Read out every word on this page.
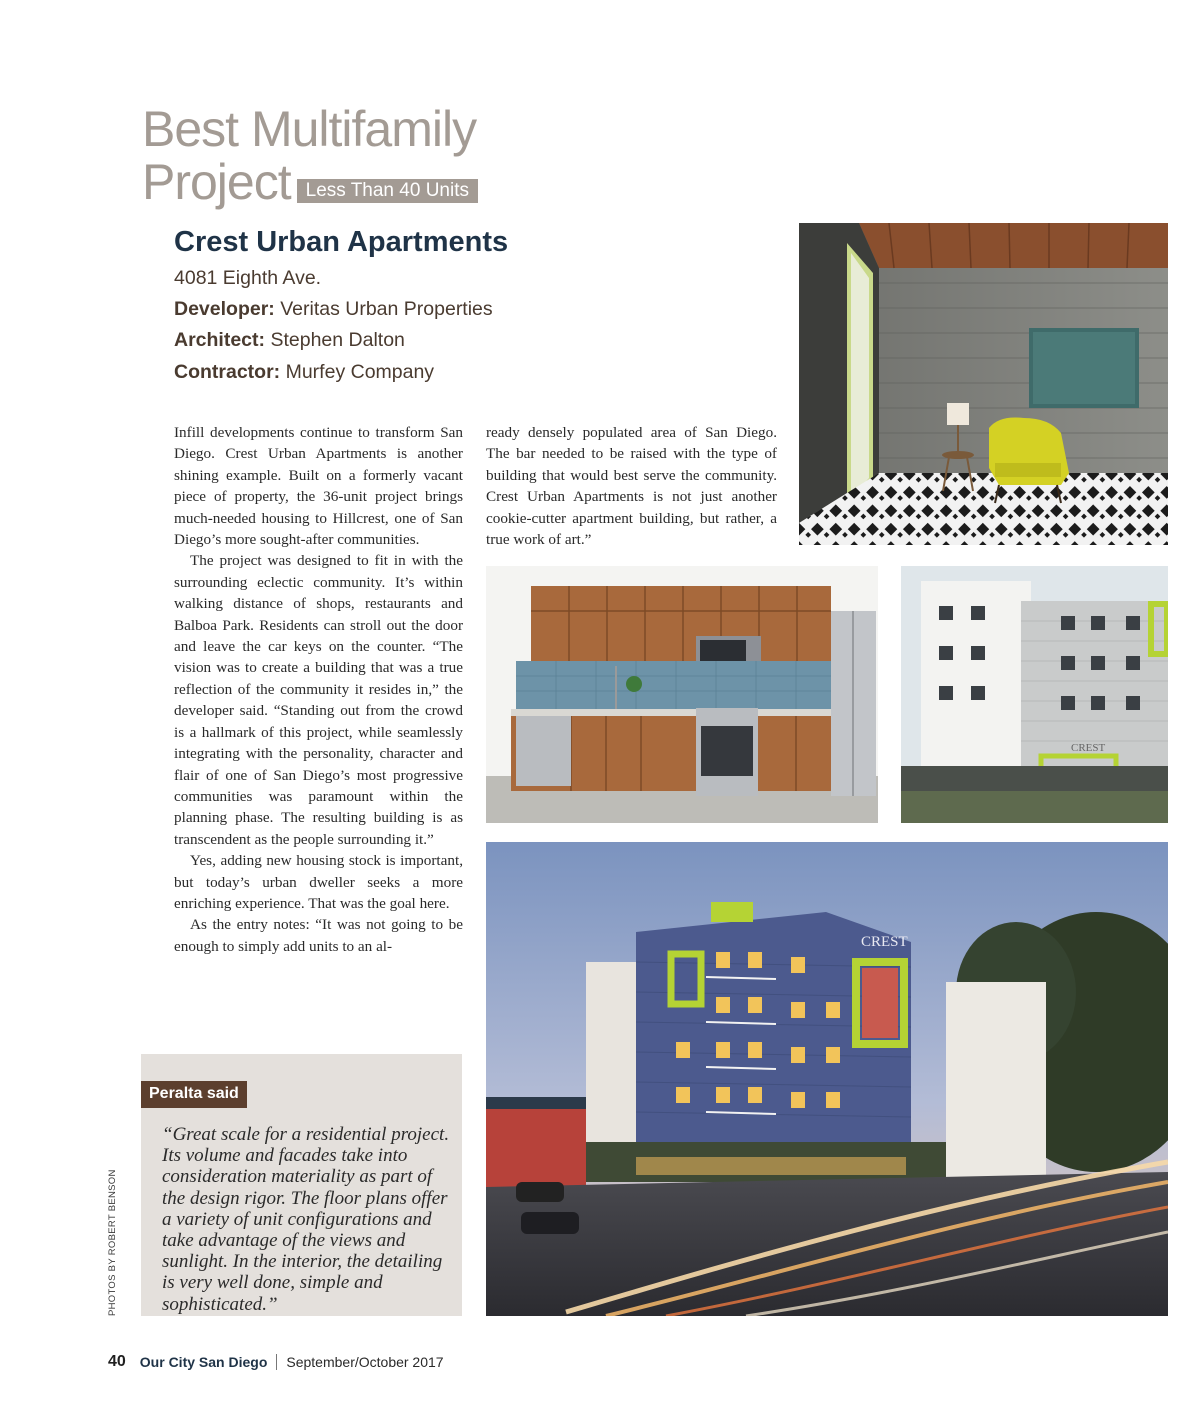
Best Multifamily
Project Less Than 40 Units
Crest Urban Apartments
4081 Eighth Ave.
Developer: Veritas Urban Properties
Architect: Stephen Dalton
Contractor: Murfey Company

Infill developments continue to transform San Diego. Crest Urban Apartments is another shining example. Built on a formerly vacant piece of property, the 36-unit project brings much-needed housing to Hillcrest, one of San Diego’s more sought-after communities.

The project was designed to fit in with the surrounding eclectic community. It’s within walking distance of shops, restaurants and Balboa Park. Residents can stroll out the door and leave the car keys on the counter. “The vision was to create a building that was a true reflection of the community it resides in,” the developer said. “Standing out from the crowd is a hallmark of this project, while seamlessly integrating with the personality, character and flair of one of San Diego’s most progressive communities was paramount within the planning phase. The resulting building is as transcendent as the people surrounding it.”

Yes, adding new housing stock is important, but today’s urban dweller seeks a more enriching experience. That was the goal here.

As the entry notes: “It was not going to be enough to simply add units to an al-

ready densely populated area of San Diego. The bar needed to be raised with the type of building that would best serve the community. Crest Urban Apartments is not just another cookie-cutter apartment building, but rather, a true work of art.”

Peralta said
“Great scale for a residential project. Its volume and facades take into consideration materiality as part of the design rigor. The floor plans offer a variety of unit configurations and take advantage of the views and sunlight. In the interior, the detailing is very well done, simple and sophisticated.”
PHOTOS BY ROBERT BENSON
40 Our City San Diego September/October 2017
CREST
CREST
